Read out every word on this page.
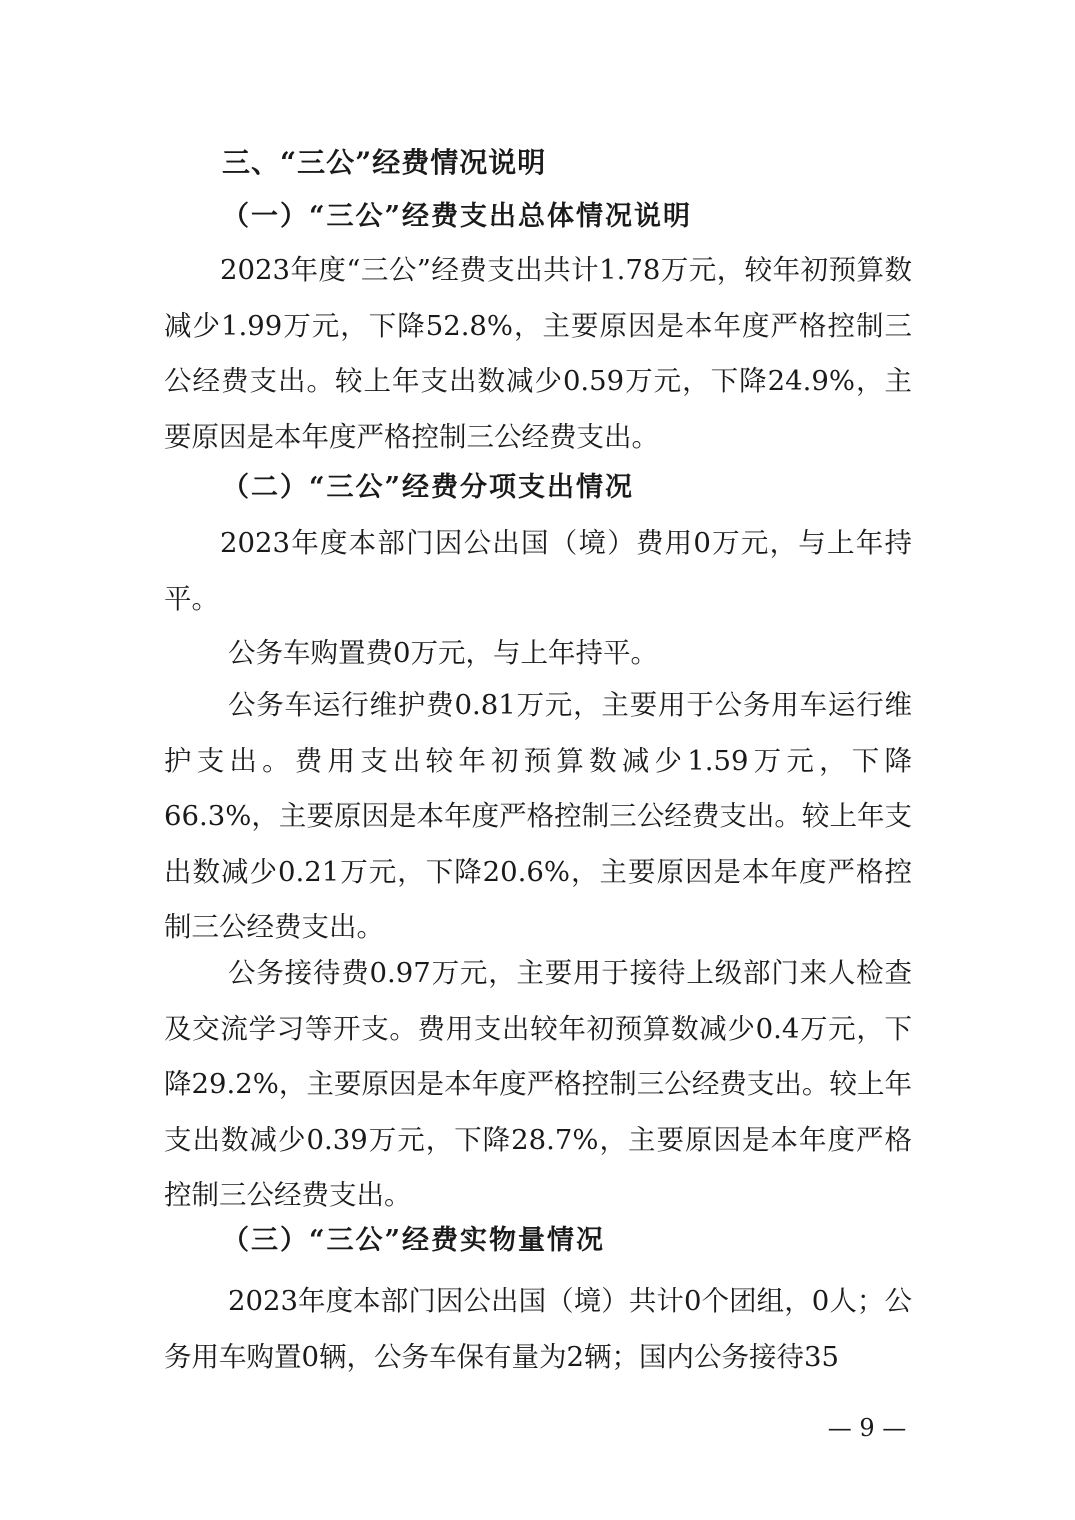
三、“三公”经费情况说明
（一）“三公”经费支出总体情况说明

2023年度“三公”经费支出共计1.78万元，较年初预算数减少1.99万元，下降52.8%，主要原因是本年度严格控制三公经费支出。较上年支出数减少0.59万元，下降24.9%，主要原因是本年度严格控制三公经费支出。

（二）“三公”经费分项支出情况

2023年度本部门因公出国（境）费用0万元，与上年持平。

公务车购置费0万元，与上年持平。

公务车运行维护费0.81万元，主要用于公务用车运行维护支出。费用支出较年初预算数减少1.59万元，下降66.3%，主要原因是本年度严格控制三公经费支出。较上年支出数减少0.21万元，下降20.6%，主要原因是本年度严格控制三公经费支出。

公务接待费0.97万元，主要用于接待上级部门来人检查及交流学习等开支。费用支出较年初预算数减少0.4万元，下降29.2%，主要原因是本年度严格控制三公经费支出。较上年支出数减少0.39万元，下降28.7%，主要原因是本年度严格控制三公经费支出。

（三）“三公”经费实物量情况

2023年度本部门因公出国（境）共计0个团组，0人；公务用车购置0辆，公务车保有量为2辆；国内公务接待35

— 9 —
